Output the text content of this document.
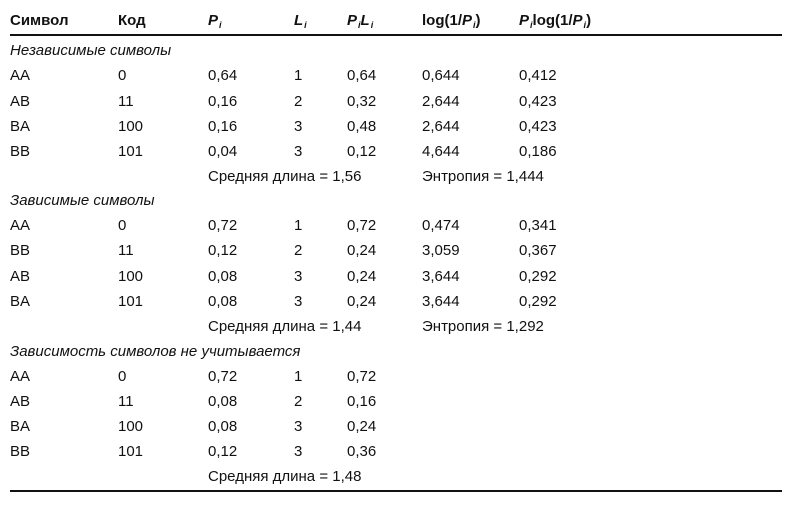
Символ	Код	$P_i$	$L_i$	$P_iL_i$	$\log(1/P_i)$	$P_i\log(1/P_i)$
Независимые символы
AA	0	0,64	1	0,64	0,644	0,412
AB	11	0,16	2	0,32	2,644	0,423
BA	100	0,16	3	0,48	2,644	0,423
BB	101	0,04	3	0,12	4,644	0,186
Средняя длина = 1,56	Энтропия = 1,444
Зависимые символы
AA	0	0,72	1	0,72	0,474	0,341
BB	11	0,12	2	0,24	3,059	0,367
AB	100	0,08	3	0,24	3,644	0,292
BA	101	0,08	3	0,24	3,644	0,292
Средняя длина = 1,44	Энтропия = 1,292
Зависимость символов не учитывается
AA	0	0,72	1	0,72
AB	11	0,08	2	0,16
BA	100	0,08	3	0,24
BB	101	0,12	3	0,36
Средняя длина = 1,48
